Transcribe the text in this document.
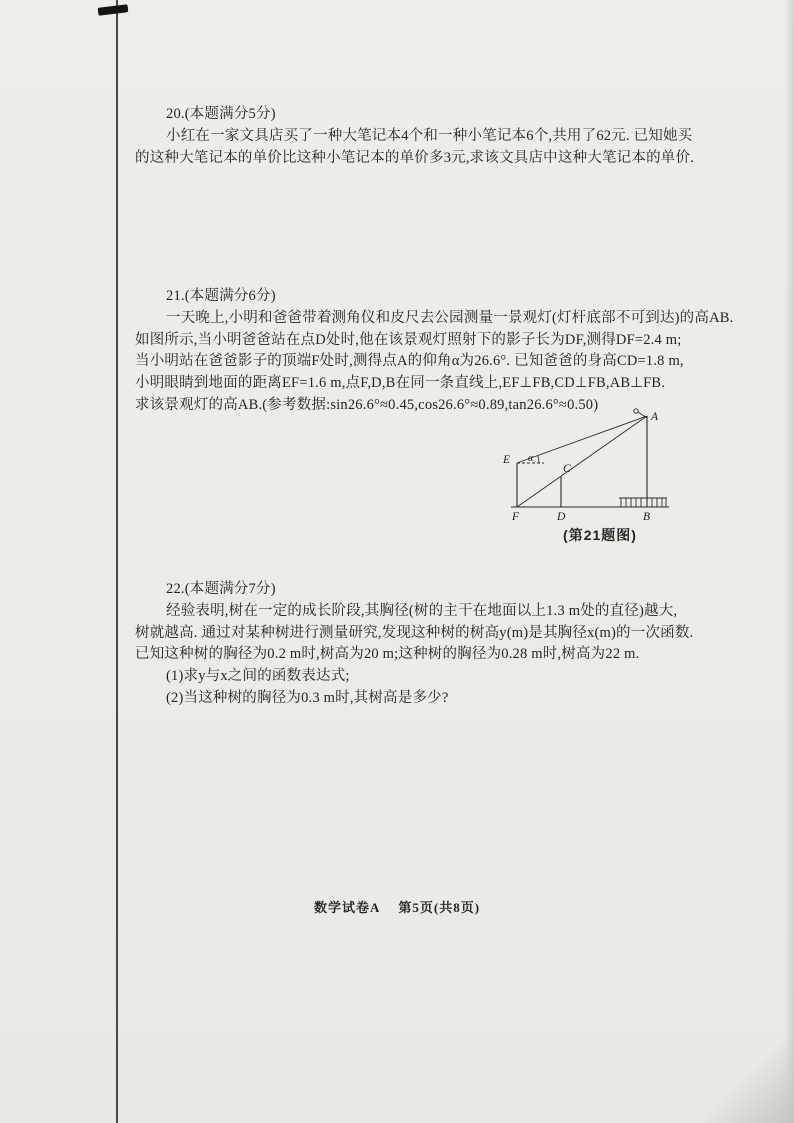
20.(本题满分5分)
小红在一家文具店买了一种大笔记本4个和一种小笔记本6个,共用了62元. 已知她买
的这种大笔记本的单价比这种小笔记本的单价多3元,求该文具店中这种大笔记本的单价.
21.(本题满分6分)
一天晚上,小明和爸爸带着测角仪和皮尺去公园测量一景观灯(灯杆底部不可到达)的高AB.
如图所示,当小明爸爸站在点D处时,他在该景观灯照射下的影子长为DF,测得DF=2.4 m;
当小明站在爸爸影子的顶端F处时,测得点A的仰角α为26.6°. 已知爸爸的身高CD=1.8 m,
小明眼睛到地面的距离EF=1.6 m,点F,D,B在同一条直线上,EF⊥FB,CD⊥FB,AB⊥FB.
求该景观灯的高AB.(参考数据:sin26.6°≈0.45,cos26.6°≈0.89,tan26.6°≈0.50)
A
E
C
α
F	D	B
(第21题图)
22.(本题满分7分)
经验表明,树在一定的成长阶段,其胸径(树的主干在地面以上1.3 m处的直径)越大,
树就越高. 通过对某种树进行测量研究,发现这种树的树高y(m)是其胸径x(m)的一次函数.
已知这种树的胸径为0.2 m时,树高为20 m;这种树的胸径为0.28 m时,树高为22 m.
(1)求y与x之间的函数表达式;
(2)当这种树的胸径为0.3 m时,其树高是多少?
数学试卷A 第5页(共8页)
